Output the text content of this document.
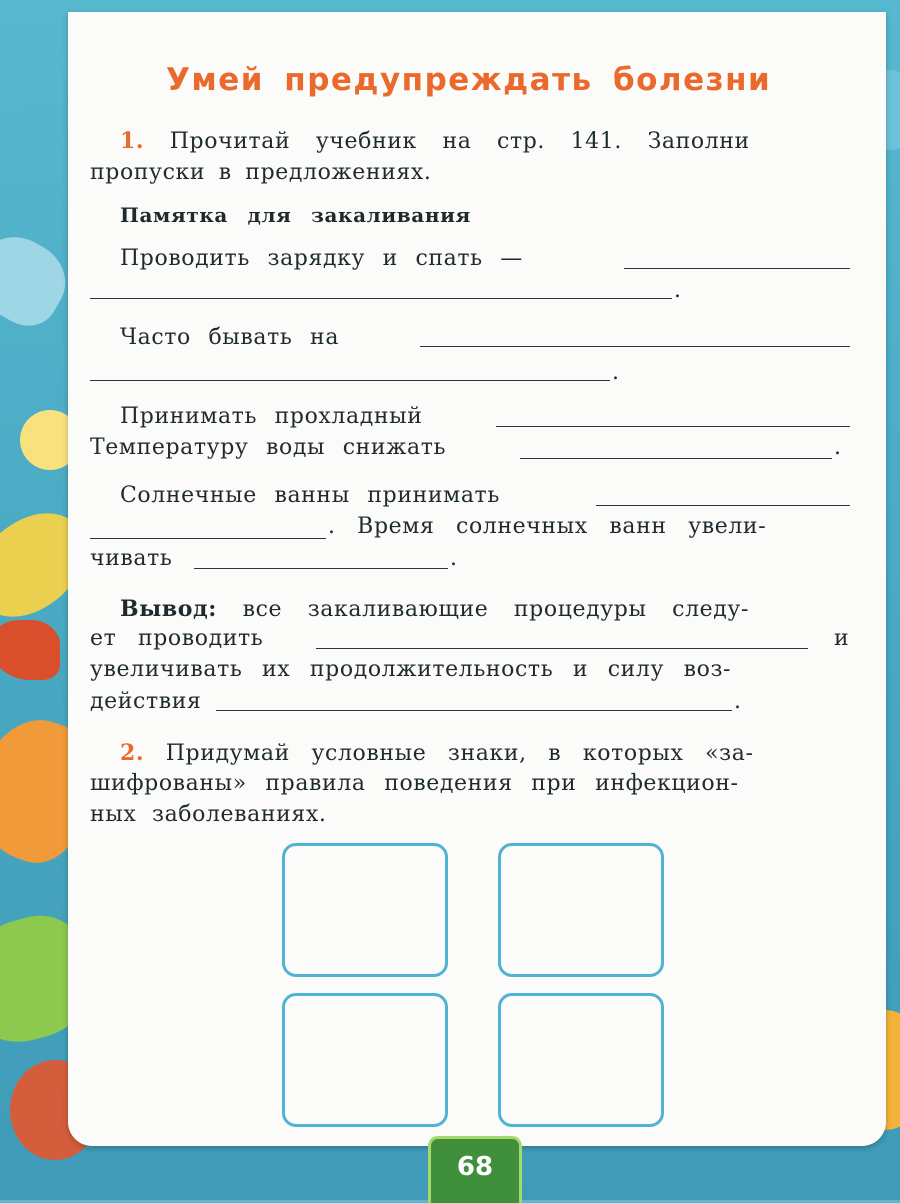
Умей предупреждать болезни
1. Прочитай учебник на стр. 141. Заполни
пропуски в предложениях.
Памятка для закаливания
Проводить зарядку и спать —
.
Часто бывать на
.
Принимать прохладный
Температуру воды снижать	.
Солнечные ванны принимать
. Время солнечных ванн увели-
чивать	.
Вывод: все закаливающие процедуры следу-
ет проводить	и
увеличивать их продолжительность и силу воз-
действия	.
2. Придумай условные знаки, в которых «за-
шифрованы» правила поведения при инфекцион-
ных заболеваниях.
68
